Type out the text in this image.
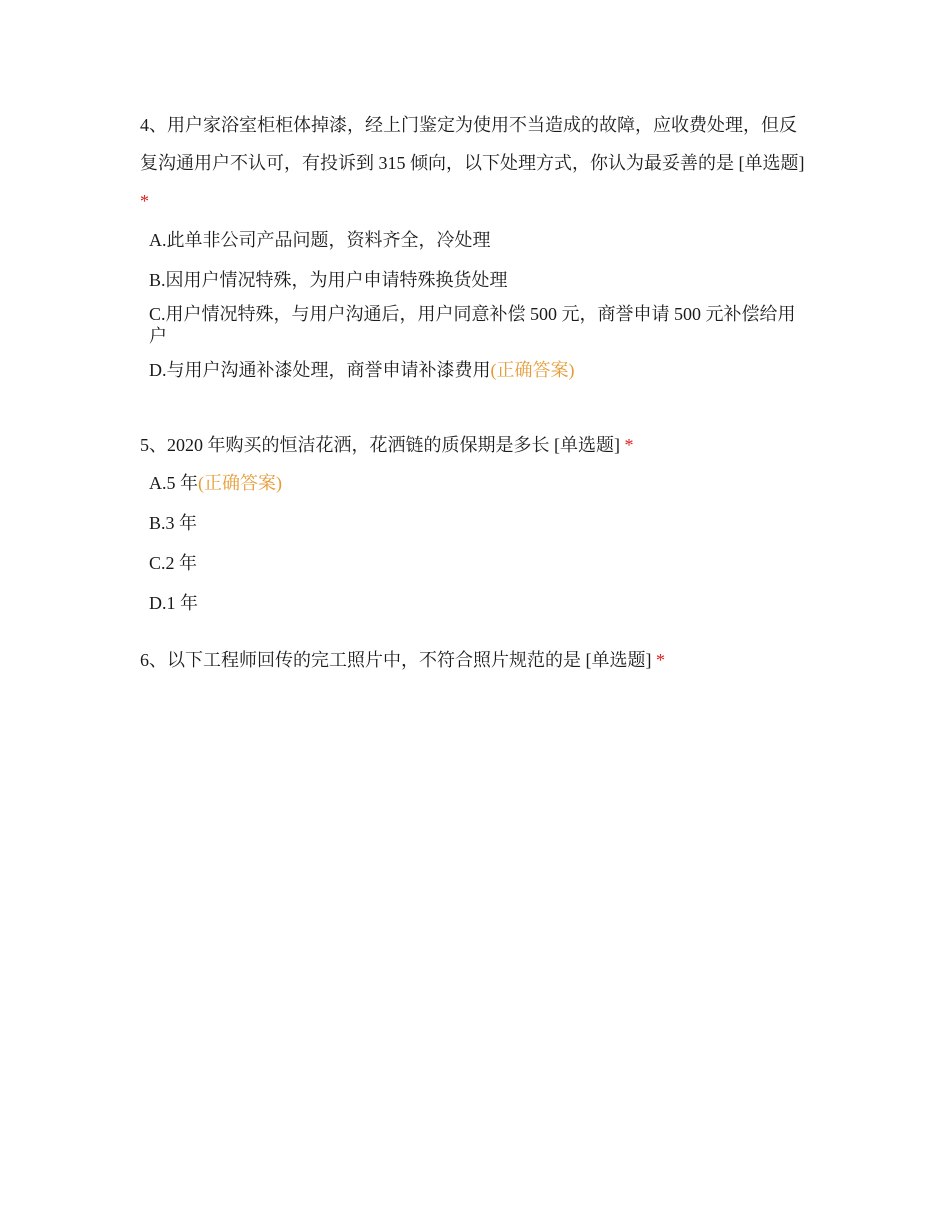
4、用户家浴室柜柜体掉漆，经上门鉴定为使用不当造成的故障，应收费处理，但反复沟通用户不认可，有投诉到 315 倾向，以下处理方式，你认为最妥善的是 [单选题] *

A.此单非公司产品问题，资料齐全，冷处理
B.因用户情况特殊，为用户申请特殊换货处理
C.用户情况特殊，与用户沟通后，用户同意补偿 500 元，商誉申请 500 元补偿给用户
D.与用户沟通补漆处理，商誉申请补漆费用(正确答案)

5、2020 年购买的恒洁花洒，花洒链的质保期是多长 [单选题] *

A.5 年(正确答案)
B.3 年
C.2 年
D.1 年

6、以下工程师回传的完工照片中，不符合照片规范的是 [单选题] *
